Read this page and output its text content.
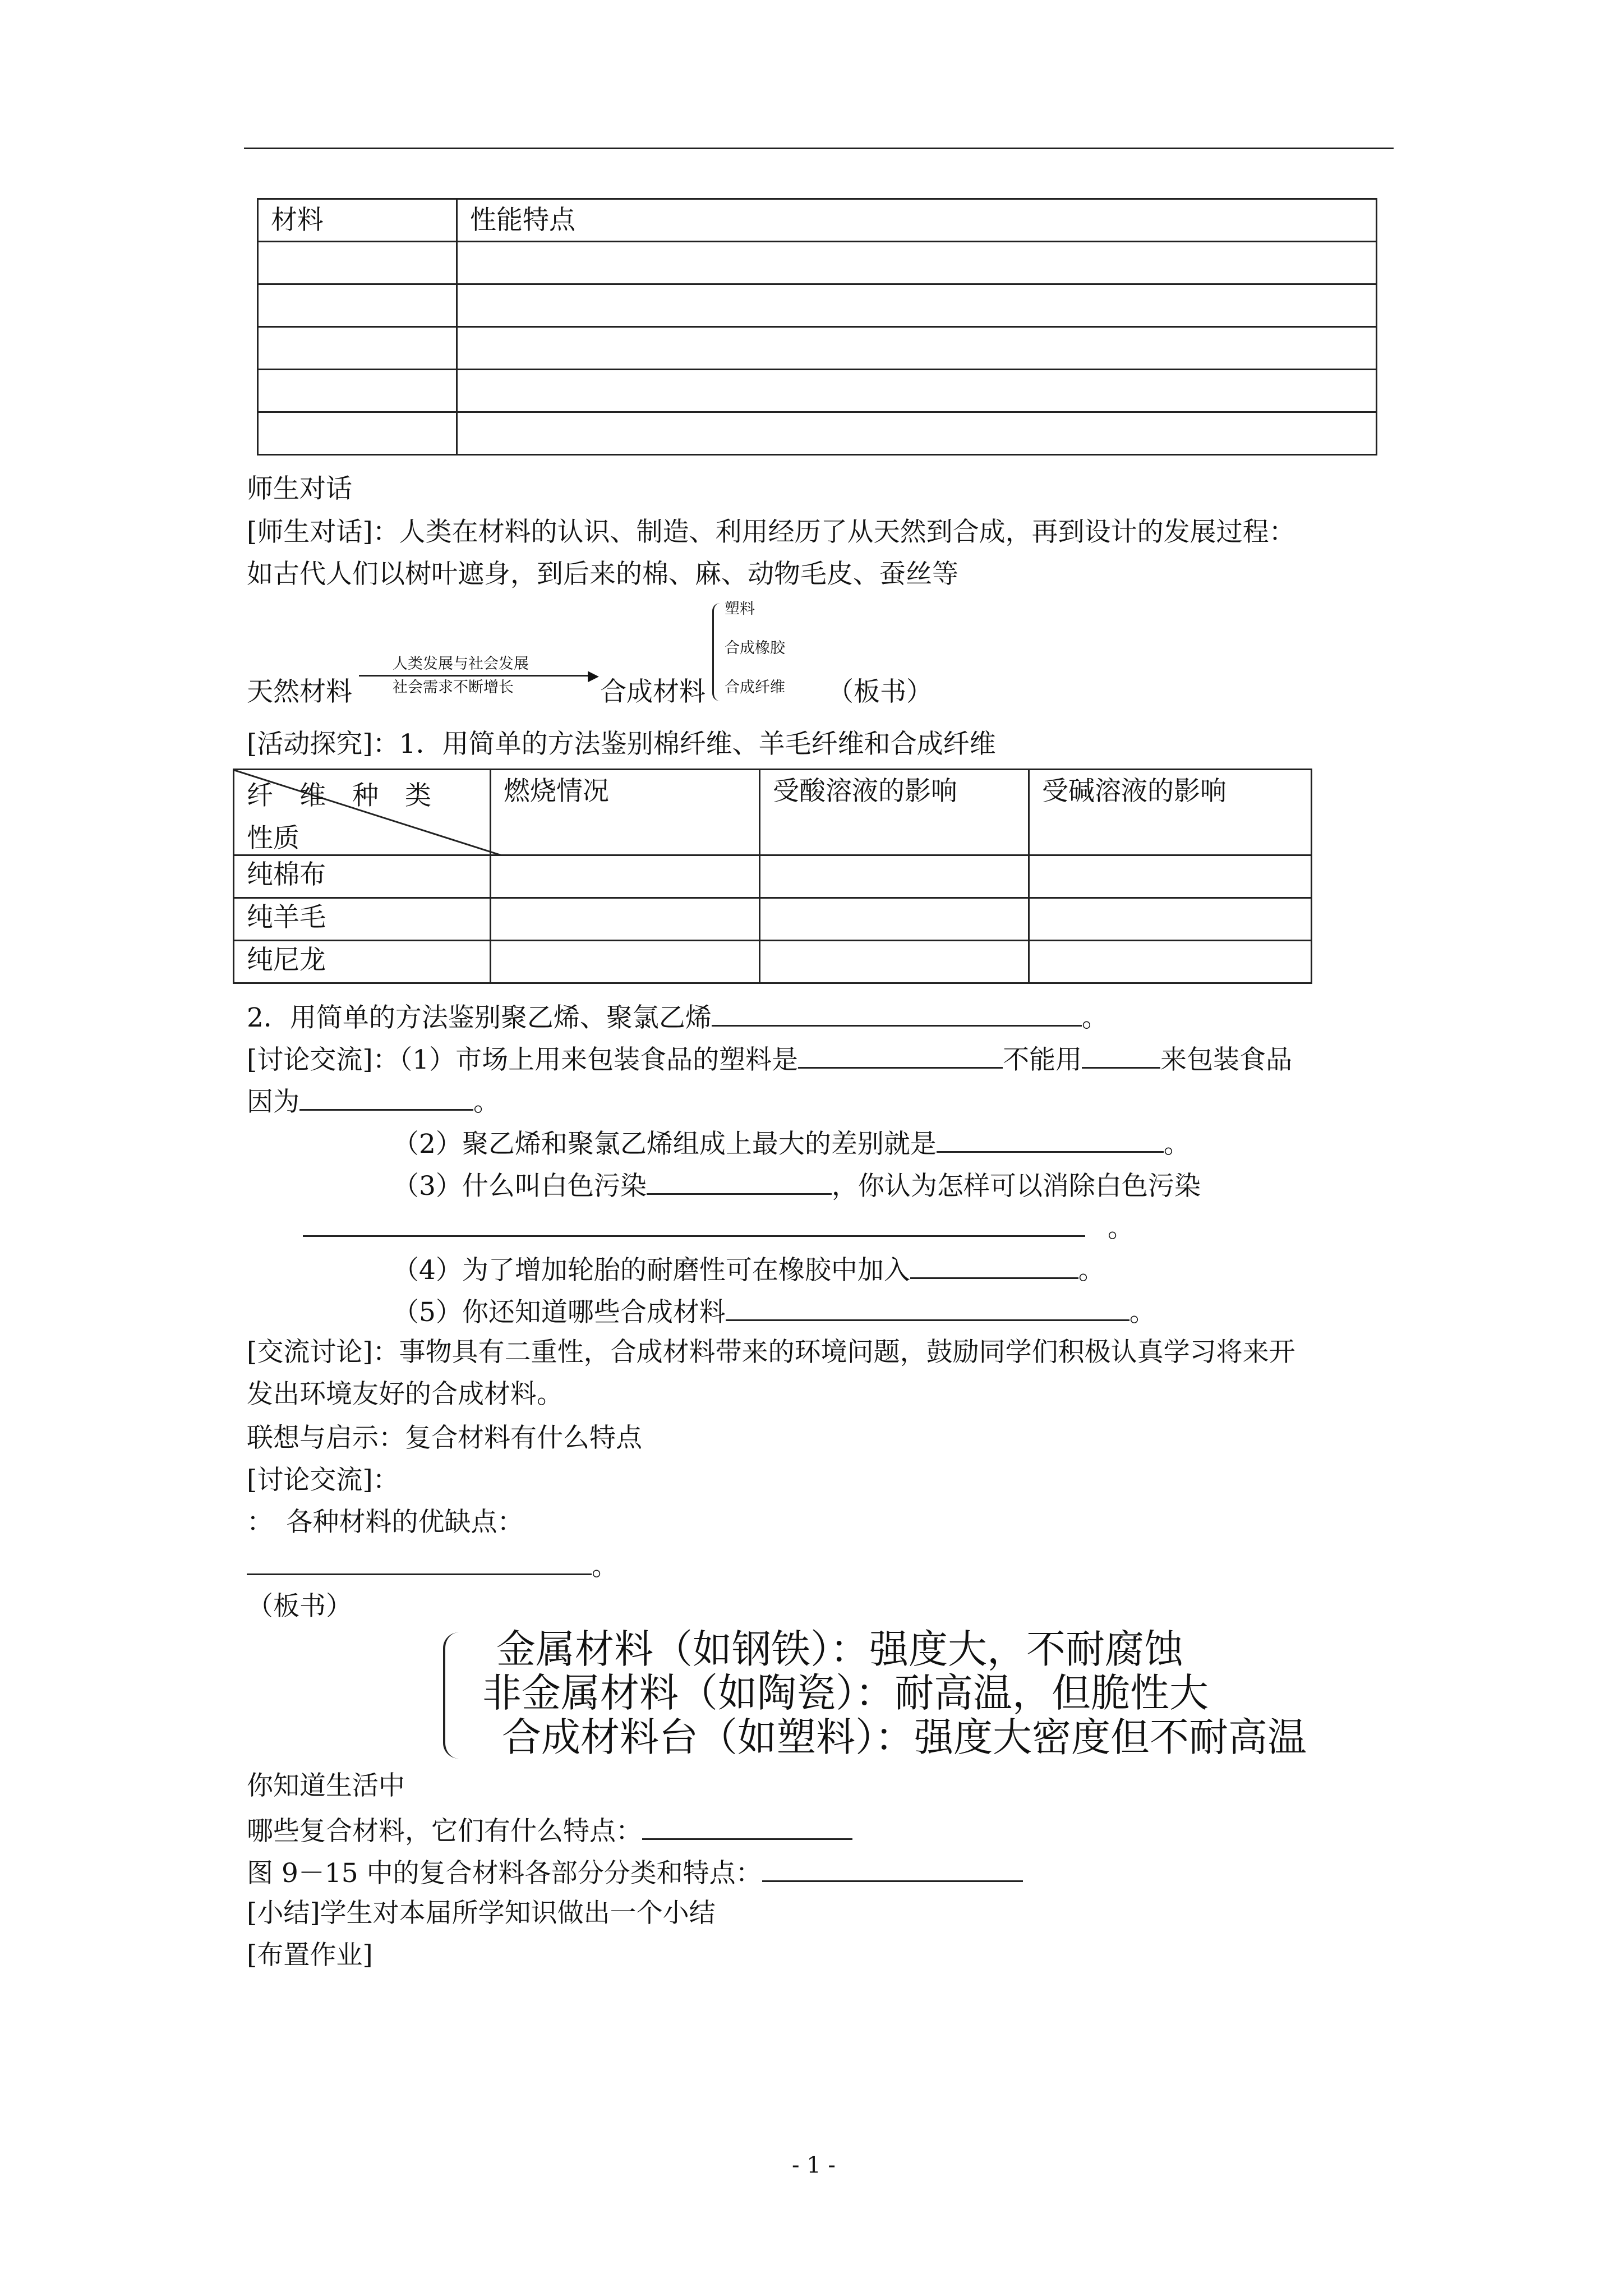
材料	性能特点

师生对话
[师生对话]：人类在材料的认识、制造、利用经历了从天然到合成，再到设计的发展过程：
如古代人们以树叶遮身，到后来的棉、麻、动物毛皮、蚕丝等
天然材料
人类发展与社会发展
▶
社会需求不断增长	合成材料
塑料
合成橡胶
合成纤维 （板书）
[活动探究]：1．用简单的方法鉴别棉纤维、羊毛纤维和合成纤维
纤　维　种　类
性质	燃烧情况	受酸溶液的影响	受碱溶液的影响
纯棉布			
纯羊毛			
纯尼龙			
2．用简单的方法鉴别聚乙烯、聚氯乙烯	。
[讨论交流]：（1）市场上用来包装食品的塑料是	不能用	来包装食品
因为	。
（2）聚乙烯和聚氯乙烯组成上最大的差别就是	。
（3）什么叫白色污染	，你认为怎样可以消除白色污染
。
（4）为了增加轮胎的耐磨性可在橡胶中加入	。
（5）你还知道哪些合成材料	。
[交流讨论]：事物具有二重性，合成材料带来的环境问题，鼓励同学们积极认真学习将来开
发出环境友好的合成材料。
联想与启示：复合材料有什么特点
[讨论交流]：
：　各种材料的优缺点：
。
（板书）
金属材料（如钢铁）：强度大，不耐腐蚀
非金属材料（如陶瓷）：耐高温，但脆性大
合成材料台（如塑料）：强度大密度但不耐高温
你知道生活中
哪些复合材料，它们有什么特点：
图 9－15 中的复合材料各部分分类和特点：
[小结]学生对本届所学知识做出一个小结
[布置作业]
- 1 -
